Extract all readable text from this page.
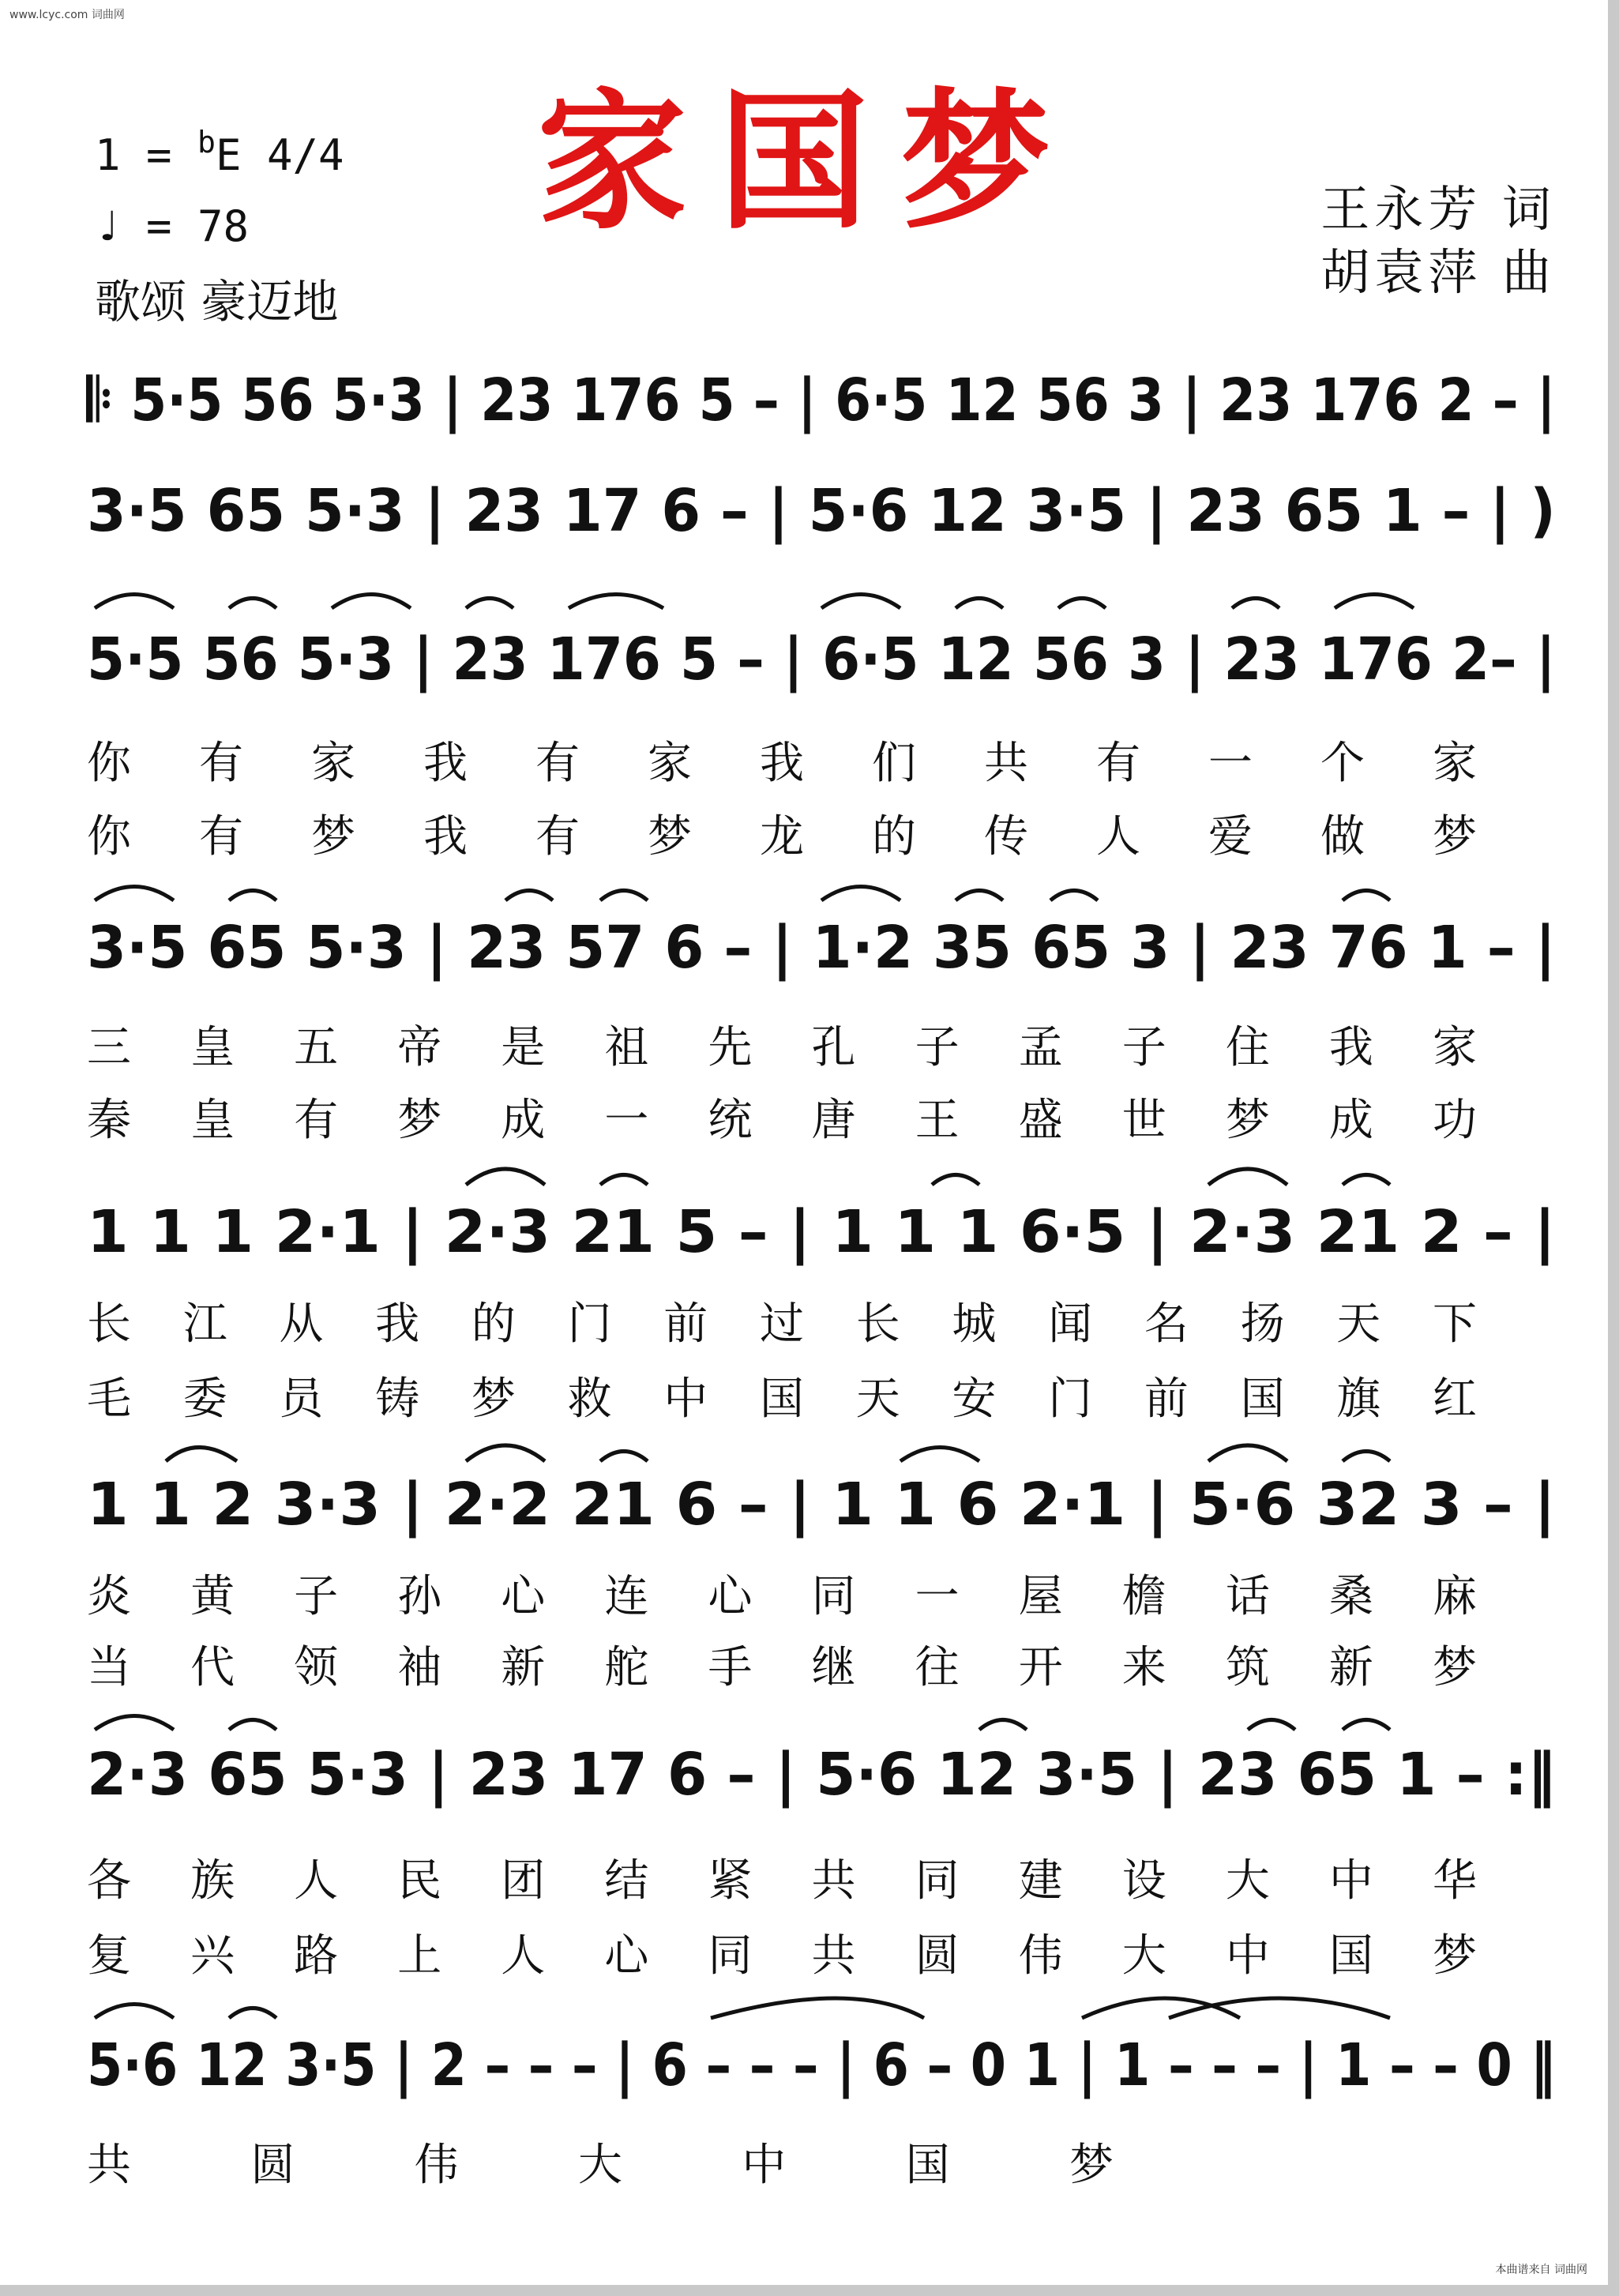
www.lcyc.com 词曲网
1 = $^b$E 4/4
♩ = 78
歌颂 豪迈地
家国梦	王永芳 词
胡袁萍 曲
𝄆 5·5 56 5·3 | 23 176 5 – | 6·5 12 56 3 | 23 176 2 – |
3·5 65 5·3 | 23 17 6 – | 5·6 12 3·5 | 23 65 1 – | )
5·5 56 5·3 | 23 176 5 – | 6·5 12 56 3 | 23 176 2– |
你 有 家 我 有 家 我 们 共 有 一 个 家
你 有 梦 我 有 梦 龙 的 传 人 爱 做 梦
3·5 65 5·3 | 23 57 6 – | 1·2 35 65 3 | 23 76 1 – |
三 皇 五 帝 是 祖 先 孔 子 孟 子 住 我 家
秦 皇 有 梦 成 一 统 唐 王 盛 世 梦 成 功
1 1 1 2·1 | 2·3 21 5 – | 1 1 1 6·5 | 2·3 21 2 – |
长 江 从 我 的 门 前 过 长 城 闻 名 扬 天 下
毛 委 员 铸 梦 救 中 国 天 安 门 前 国 旗 红
1 1 2 3·3 | 2·2 21 6 – | 1 1 6 2·1 | 5·6 32 3 – |
炎 黄 子 孙 心 连 心 同 一 屋 檐 话 桑 麻
当 代 领 袖 新 舵 手 继 往 开 来 筑 新 梦
2·3 65 5·3 | 23 17 6 – | 5·6 12 3·5 | 23 65 1 – :‖
各 族 人 民 团 结 紧 共 同 建 设 大 中 华
复 兴 路 上 人 心 同 共 圆 伟 大 中 国 梦
5·6 12 3·5 | 2 – – – | 6 – – – | 6 – 0 1 | 1 – – – | 1 – – 0 ‖
共 圆 伟 大 中 国 梦
本曲谱来自 词曲网
